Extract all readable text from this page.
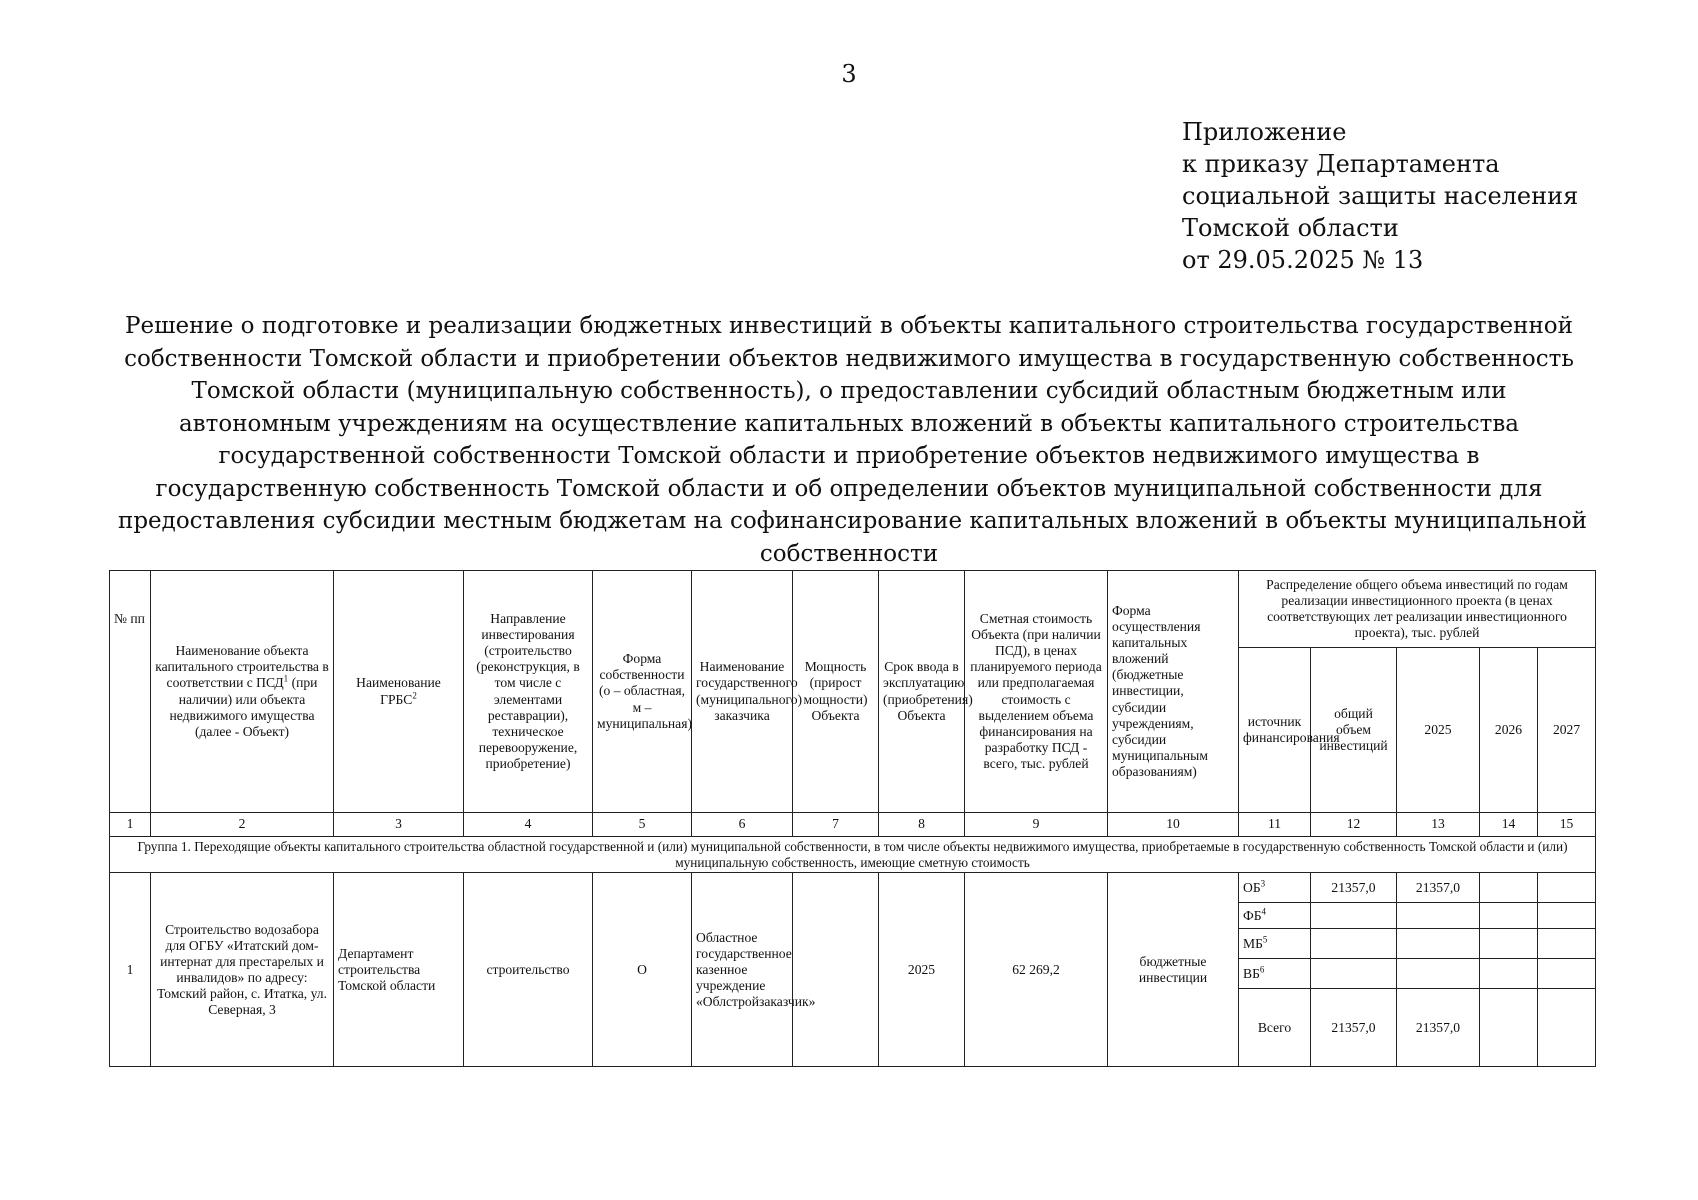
3
Приложение
к приказу Департамента
социальной защиты населения
Томской области
от 29.05.2025 № 13
Решение о подготовке и реализации бюджетных инвестиций в объекты капитального строительства государственной
собственности Томской области и приобретении объектов недвижимого имущества в государственную собственность
Томской области (муниципальную собственность), о предоставлении субсидий областным бюджетным или
автономным учреждениям на осуществление капитальных вложений в объекты капитального строительства
государственной собственности Томской области и приобретение объектов недвижимого имущества в
государственную собственность Томской области и об определении объектов муниципальной собственности для
предоставления субсидии местным бюджетам на софинансирование капитальных вложений в объекты муниципальной
собственности
№ пп	Наименование объекта капитального строительства в соответствии с ПСД$^1$ (при наличии) или объекта недвижимого имущества (далее - Объект)	Наименование ГРБС$^2$	Направление инвестирования (строительство (реконструкция, в том числе с элементами реставрации), техническое перевооружение, приобретение)	Форма собственности (о – областная, м – муниципальная)	Наименование государственного (муниципального) заказчика	Мощность (прирост мощности) Объекта	Срок ввода в эксплуатацию (приобретения) Объекта	Сметная стоимость Объекта (при наличии ПСД), в ценах планируемого периода или предполагаемая стоимость с выделением объема финансирования на разработку ПСД - всего, тыс. рублей	Форма осуществления капитальных вложений (бюджетные инвестиции, субсидии учреждениям, субсидии муниципальным образованиям)	Распределение общего объема инвестиций по годам реализации инвестиционного проекта (в ценах соответствующих лет реализации инвестиционного проекта), тыс. рублей				
										источник финансирования	общий объем инвестиций	2025	2026	2027
1	2	3	4	5	6	7	8	9	10	11	12	13	14	15
Группа 1. Переходящие объекты капитального строительства областной государственной и (или) муниципальной собственности, в том числе объекты недвижимого имущества, приобретаемые в государственную собственность Томской области и (или) муниципальную собственность, имеющие сметную стоимость														
1	Строительство водозабора для ОГБУ «Итатский дом-интернат для престарелых и инвалидов» по адресу: Томский район, с. Итатка, ул. Северная, 3	Департамент строительства Томской области	строительство	О	Областное государственное казенное учреждение «Облстройзаказчик»		2025	62 269,2	бюджетные инвестиции	$ОБ^3$	21357,0	21357,0		
										$ФБ^4$				
										$МБ^5$				
										$ВБ^6$				
										Всего	21357,0	21357,0		
